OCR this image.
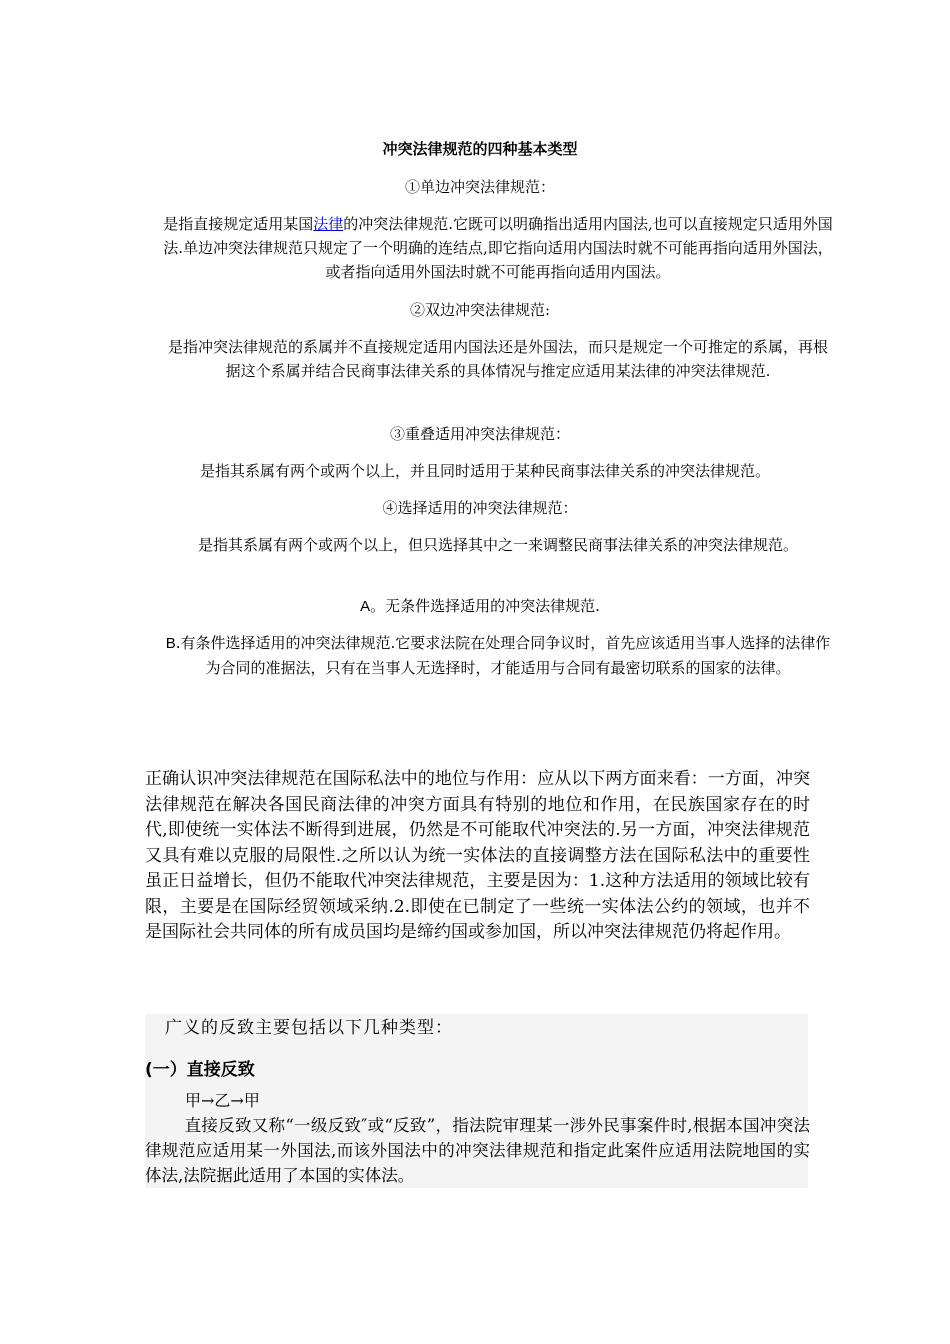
冲突法律规范的四种基本类型
①单边冲突法律规范：
是指直接规定适用某国法律的冲突法律规范.它既可以明确指出适用内国法,也可以直接规定只适用外国法.单边冲突法律规范只规定了一个明确的连结点,即它指向适用内国法时就不可能再指向适用外国法，或者指向适用外国法时就不可能再指向适用内国法。
②双边冲突法律规范:
是指冲突法律规范的系属并不直接规定适用内国法还是外国法，而只是规定一个可推定的系属，再根据这个系属并结合民商事法律关系的具体情况与推定应适用某法律的冲突法律规范.
③重叠适用冲突法律规范：
是指其系属有两个或两个以上，并且同时适用于某种民商事法律关系的冲突法律规范。
④选择适用的冲突法律规范：
是指其系属有两个或两个以上，但只选择其中之一来调整民商事法律关系的冲突法律规范。
A。无条件选择适用的冲突法律规范.
B.有条件选择适用的冲突法律规范.它要求法院在处理合同争议时，首先应该适用当事人选择的法律作为合同的准据法，只有在当事人无选择时，才能适用与合同有最密切联系的国家的法律。
正确认识冲突法律规范在国际私法中的地位与作用：应从以下两方面来看：一方面，冲突法律规范在解决各国民商法律的冲突方面具有特别的地位和作用，在民族国家存在的时代,即使统一实体法不断得到进展，仍然是不可能取代冲突法的.另一方面，冲突法律规范又具有难以克服的局限性.之所以认为统一实体法的直接调整方法在国际私法中的重要性虽正日益增长，但仍不能取代冲突法律规范，主要是因为：1.这种方法适用的领域比较有限，主要是在国际经贸领域采纳.2.即使在已制定了一些统一实体法公约的领域，也并不是国际社会共同体的所有成员国均是缔约国或参加国，所以冲突法律规范仍将起作用。
广义的反致主要包括以下几种类型：
(一）直接反致
甲→乙→甲

直接反致又称“一级反致″或“反致”，指法院审理某一涉外民事案件时,根据本国冲突法律规范应适用某一外国法,而该外国法中的冲突法律规范和指定此案件应适用法院地国的实体法,法院据此适用了本国的实体法。
